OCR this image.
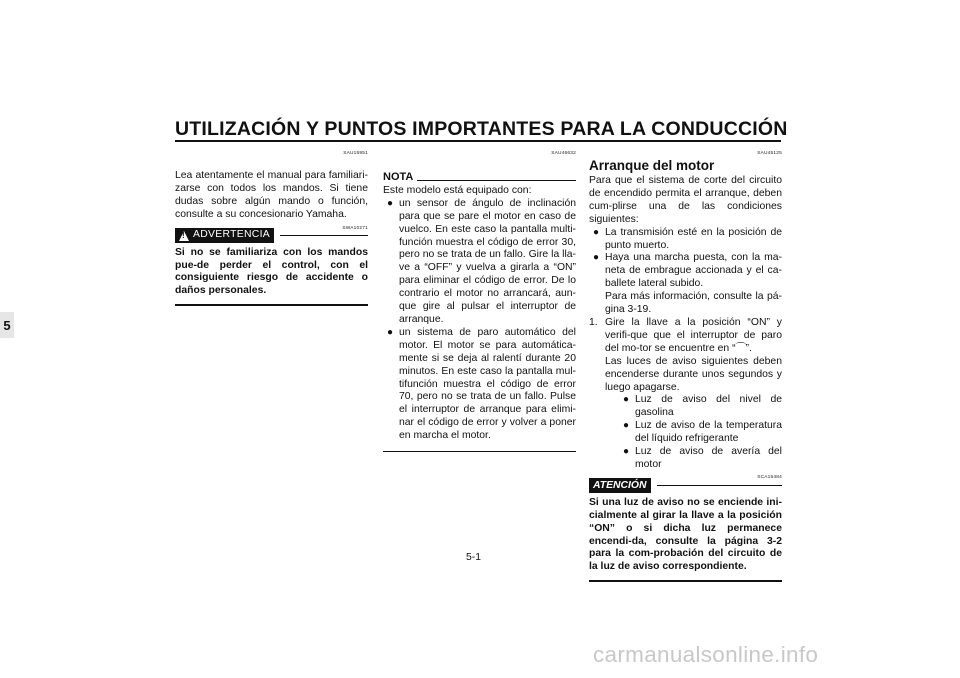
UTILIZACIÓN Y PUNTOS IMPORTANTES PARA LA CONDUCCIÓN
5
SAU15951

Lea atentamente el manual para familiari-zarse con todos los mandos. Si tiene dudas sobre algún mando o función, consulte a su concesionario Yamaha.

SWA10271
!
ADVERTENCIA

Si no se familiariza con los mandos pue-de perder el control, con el consiguiente riesgo de accidente o daños personales.

SAU46632
NOTA

Este modelo está equipado con:

● un sensor de ángulo de inclinación para que se pare el motor en caso de vuelco. En este caso la pantalla multi-función muestra el código de error 30, pero no se trata de un fallo. Gire la lla-ve a “OFF” y vuelva a girarla a “ON” para eliminar el código de error. De lo contrario el motor no arrancará, aun-que gire al pulsar el interruptor de arranque.
● un sistema de paro automático del motor. El motor se para automática-mente si se deja al ralentí durante 20 minutos. En este caso la pantalla mul-tifunción muestra el código de error 70, pero no se trata de un fallo. Pulse el interruptor de arranque para elimi-nar el código de error y volver a poner en marcha el motor.
SAU45125
Arranque del motor

Para que el sistema de corte del circuito de encendido permita el arranque, deben cum-plirse una de las condiciones siguientes:

● La transmisión esté en la posición de punto muerto.
● Haya una marcha puesta, con la ma-neta de embrague accionada y el ca-ballete lateral subido.

Para más información, consulte la pá-gina 3-19.

1. Gire la llave a la posición “ON” y verifi-que que el interruptor de paro del mo-tor se encuentre en “⌒”.

Las luces de aviso siguientes deben encenderse durante unos segundos y luego apagarse.

● Luz de aviso del nivel de gasolina
● Luz de aviso de la temperatura del líquido refrigerante
● Luz de aviso de avería del motor
SCA15484
ATENCIÓN

Si una luz de aviso no se enciende ini-cialmente al girar la llave a la posición “ON” o si dicha luz permanece encendi-da, consulte la página 3-2 para la com-probación del circuito de la luz de aviso correspondiente.

5-1
carmanualsonline.info
